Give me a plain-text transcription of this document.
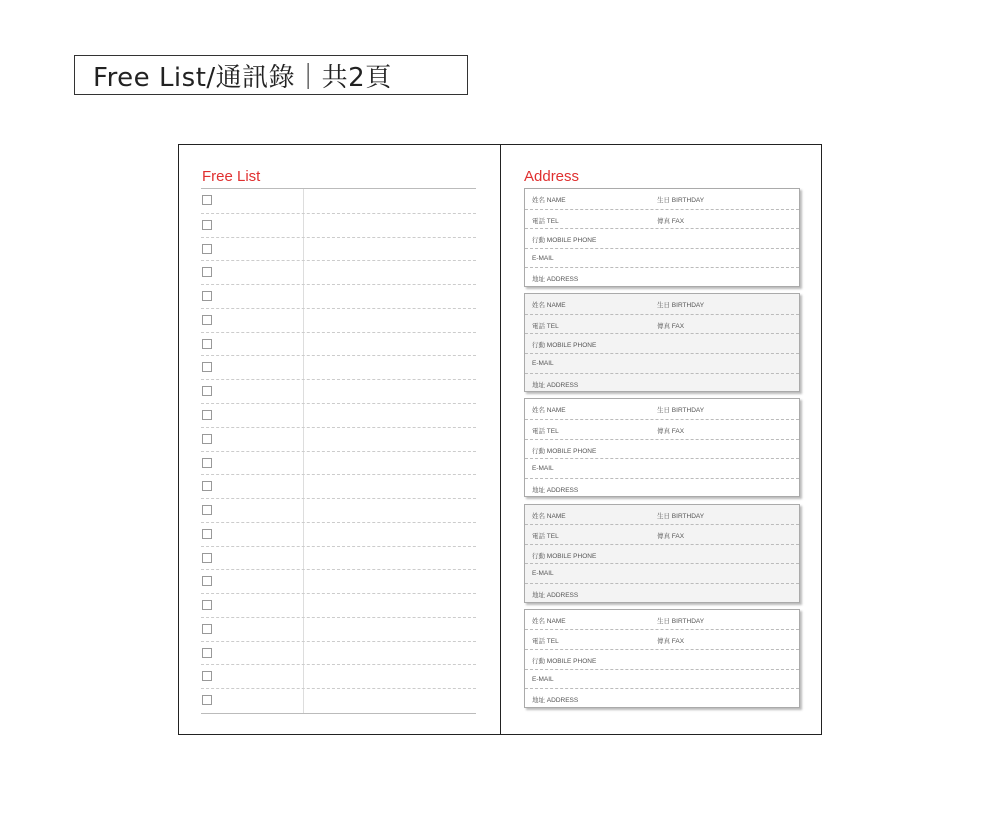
Free List/通訊錄｜共2頁
Free List	Address
姓名 NAME	生日 BIRTHDAY
電話 TEL	傳真 FAX
行動 MOBILE PHONE
E-MAIL
地址 ADDRESS
姓名 NAME	生日 BIRTHDAY
電話 TEL	傳真 FAX
行動 MOBILE PHONE
E-MAIL
地址 ADDRESS
姓名 NAME	生日 BIRTHDAY
電話 TEL	傳真 FAX
行動 MOBILE PHONE
E-MAIL
地址 ADDRESS
姓名 NAME	生日 BIRTHDAY
電話 TEL	傳真 FAX
行動 MOBILE PHONE
E-MAIL
地址 ADDRESS
姓名 NAME	生日 BIRTHDAY
電話 TEL	傳真 FAX
行動 MOBILE PHONE
E-MAIL
地址 ADDRESS
